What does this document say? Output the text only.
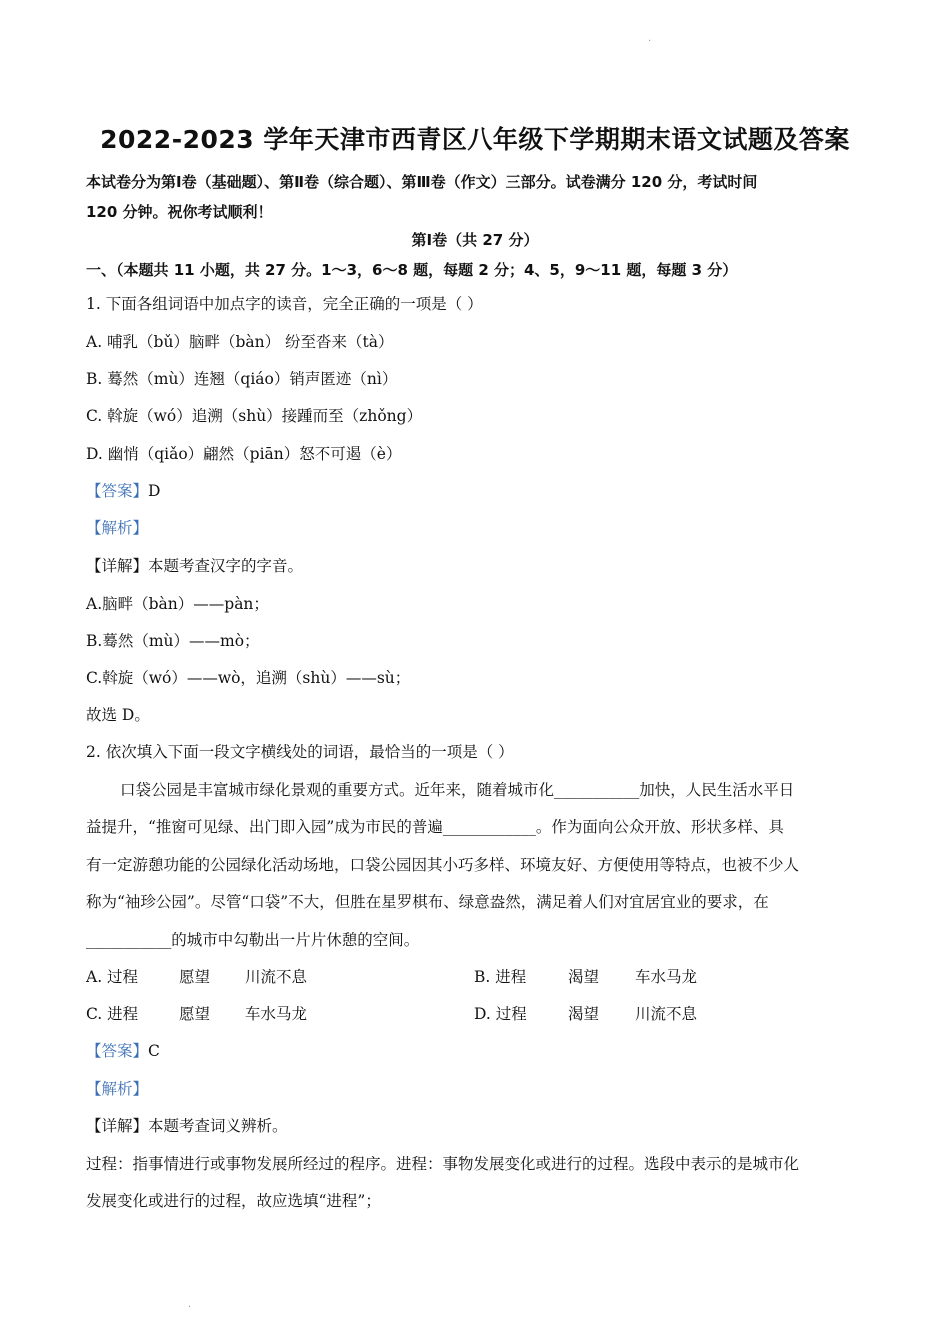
·
2022-2023 学年天津市西青区八年级下学期期末语文试题及答案
本试卷分为第Ⅰ卷（基础题）、第Ⅱ卷（综合题）、第Ⅲ卷（作文）三部分。试卷满分 120 分，考试时间
120 分钟。祝你考试顺利！
第Ⅰ卷（共 27 分）
一、（本题共 11 小题，共 27 分。1～3，6～8 题，每题 2 分；4、5，9～11 题，每题 3 分）
1. 下面各组词语中加点字的读音，完全正确的一项是（ ）
A. 哺乳（bǔ）脑畔（bàn） 纷至沓来（tà）
B. 蓦然（mù）连翘（qiáo）销声匿迹（nì）
C. 斡旋（wó）追溯（shù）接踵而至（zhǒng）
D. 幽悄（qiǎo）翩然（piān）怒不可遏（è）
【答案】D
【解析】
【详解】本题考查汉字的字音。
A.脑畔（bàn）——pàn；
B.蓦然（mù）——mò；
C.斡旋（wó）——wò，追溯（shù）——sù；
故选 D。
2. 依次填入下面一段文字横线处的词语，最恰当的一项是（ ）
口袋公园是丰富城市绿化景观的重要方式。近年来，随着城市化___________加快，人民生活水平日
益提升，“推窗可见绿、出门即入园”成为市民的普遍____________。作为面向公众开放、形状多样、具
有一定游憩功能的公园绿化活动场地，口袋公园因其小巧多样、环境友好、方便使用等特点，也被不少人
称为“袖珍公园”。尽管“口袋”不大，但胜在星罗棋布、绿意盎然，满足着人们对宜居宜业的要求，在
___________的城市中勾勒出一片片休憩的空间。
A. 过程	愿望 川流不息	B. 进程	渴望 车水马龙
C. 进程	愿望 车水马龙	D. 过程	渴望 川流不息
【答案】C
【解析】
【详解】本题考查词义辨析。
过程：指事情进行或事物发展所经过的程序。进程：事物发展变化或进行的过程。选段中表示的是城市化
发展变化或进行的过程，故应选填“进程”；
·
